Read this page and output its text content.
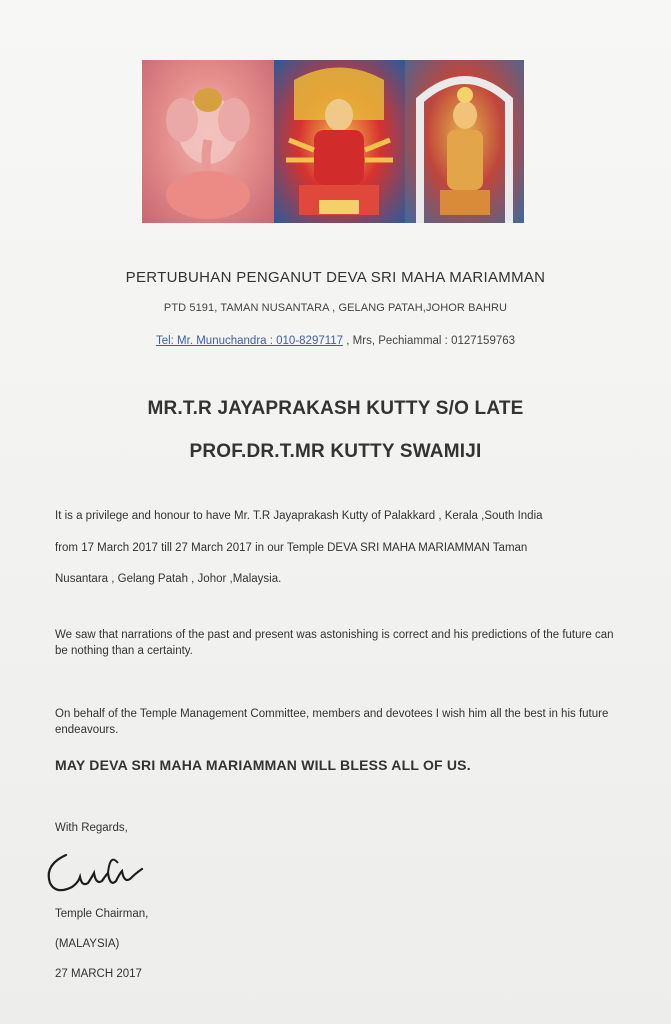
PERTUBUHAN PENGANUT DEVA SRI MAHA MARIAMMAN
PTD 5191, TAMAN NUSANTARA , GELANG PATAH,JOHOR BAHRU
Tel: Mr. Munuchandra : 010-8297117 , Mrs, Pechiammal : 0127159763
MR.T.R JAYAPRAKASH KUTTY S/O LATE
PROF.DR.T.MR KUTTY SWAMIJI
It is a privilege and honour to have Mr. T.R Jayaprakash Kutty of Palakkard , Kerala ,South India
from 17 March 2017 till 27 March 2017 in our Temple DEVA SRI MAHA MARIAMMAN Taman
Nusantara , Gelang Patah , Johor ,Malaysia.
We saw that narrations of the past and present was astonishing is correct and his predictions of the future can be nothing than a certainty.
On behalf of the Temple Management Committee, members and devotees I wish him all the best in his future endeavours.
MAY DEVA SRI MAHA MARIAMMAN WILL BLESS ALL OF US.
With Regards,
Temple Chairman,
(MALAYSIA)
27 MARCH 2017
